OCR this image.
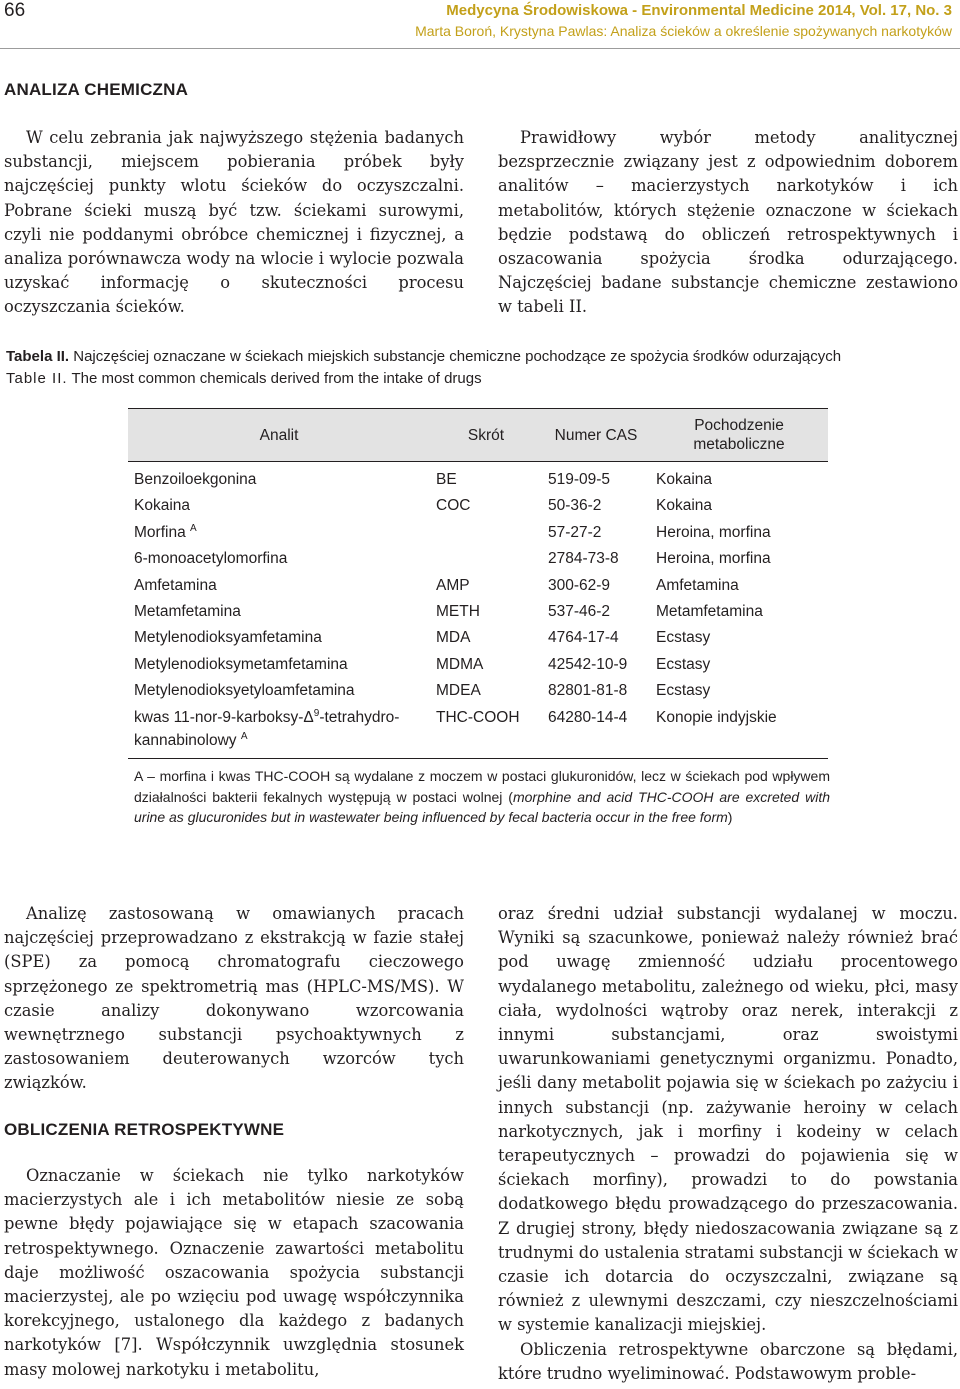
66	Medycyna Środowiskowa - Environmental Medicine 2014, Vol. 17, No. 3
Marta Boroń, Krystyna Pawlas: Analiza ścieków a określenie spożywanych narkotyków
ANALIZA CHEMICZNA

W celu zebrania jak najwyższego stężenia badanych substancji, miejscem pobierania próbek były najczęściej punkty wlotu ścieków do oczyszczalni. Pobrane ścieki muszą być tzw. ściekami surowymi, czyli nie poddanymi obróbce chemicznej i fizycznej, a analiza porównawcza wody na wlocie i wylocie pozwala uzyskać informację o skuteczności procesu oczyszczania ścieków.

Prawidłowy wybór metody analitycznej bezsprzecznie związany jest z odpowiednim doborem analitów – macierzystych narkotyków i ich metabolitów, których stężenie oznaczone w ściekach będzie podstawą do obliczeń retrospektywnych i oszacowania spożycia środka odurzającego. Najczęściej badane substancje chemiczne zestawiono w tabeli II.

Tabela II. Najczęściej oznaczane w ściekach miejskich substancje chemiczne pochodzące ze spożycia środków odurzających
Table II. The most common chemicals derived from the intake of drugs
Analit	Skrót	Numer CAS	Pochodzenie
metaboliczne
Benzoiloekgonina	BE	519-09-5	Kokaina
Kokaina	COC	50-36-2	Kokaina
Morfina $^A$		57-27-2	Heroina, morfina
6-monoacetylomorfina		2784-73-8	Heroina, morfina
Amfetamina	AMP	300-62-9	Amfetamina
Metamfetamina	METH	537-46-2	Metamfetamina
Metylenodioksyamfetamina	MDA	4764-17-4	Ecstasy
Metylenodioksymetamfetamina	MDMA	42542-10-9	Ecstasy
Metylenodioksyetyloamfetamina	MDEA	82801-81-8	Ecstasy
kwas $11-nor-9-karboksy-\Delta^9-tetrahydro-$
kannabinolowy $^A$	THC-COOH	64280-14-4	Konopie indyjskie
A – morfina i kwas THC-COOH są wydalane z moczem w postaci glukuronidów, lecz w ściekach pod wpływem działalności bakterii fekalnych występują w postaci wolnej (morphine and acid THC-COOH are excreted with urine as glucuronides but in wastewater being influenced by fecal bacteria occur in the free form)

Analizę zastosowaną w omawianych pracach najczęściej przeprowadzano z ekstrakcją w fazie stałej (SPE) za pomocą chromatografu cieczowego sprzężonego ze spektrometrią mas (HPLC-MS/MS). W czasie analizy dokonywano wzorcowania wewnętrznego substancji psychoaktywnych z zastosowaniem deuterowanych wzorców tych związków.

OBLICZENIA RETROSPEKTYWNE

Oznaczanie w ściekach nie tylko narkotyków macierzystych ale i ich metabolitów niesie ze sobą pewne błędy pojawiające się w etapach szacowania retrospektywnego. Oznaczenie zawartości metabolitu daje możliwość oszacowania spożycia substancji macierzystej, ale po wzięciu pod uwagę współczynnika korekcyjnego, ustalonego dla każdego z badanych narkotyków [7]. Współczynnik uwzględnia stosunek masy molowej narkotyku i metabolitu,

oraz średni udział substancji wydalanej w moczu. Wyniki są szacunkowe, ponieważ należy również brać pod uwagę zmienność udziału procentowego wydalanego metabolitu, zależnego od wieku, płci, masy ciała, wydolności wątroby oraz nerek, interakcji z innymi substancjami, oraz swoistymi uwarunkowaniami genetycznymi organizmu. Ponadto, jeśli dany metabolit pojawia się w ściekach po zażyciu i innych substancji (np. zażywanie heroiny w celach narkotycznych, jak i morfiny i kodeiny w celach terapeutycznych – prowadzi do pojawienia się w ściekach morfiny), prowadzi to do powstania dodatkowego błędu prowadzącego do przeszacowania. Z drugiej strony, błędy niedoszacowania związane są z trudnymi do ustalenia stratami substancji w ściekach w czasie ich dotarcia do oczyszczalni, związane są również z ulewnymi deszczami, czy nieszczelnościami w systemie kanalizacji miejskiej.

Obliczenia retrospektywne obarczone są błędami, które trudno wyeliminować. Podstawowym proble-
